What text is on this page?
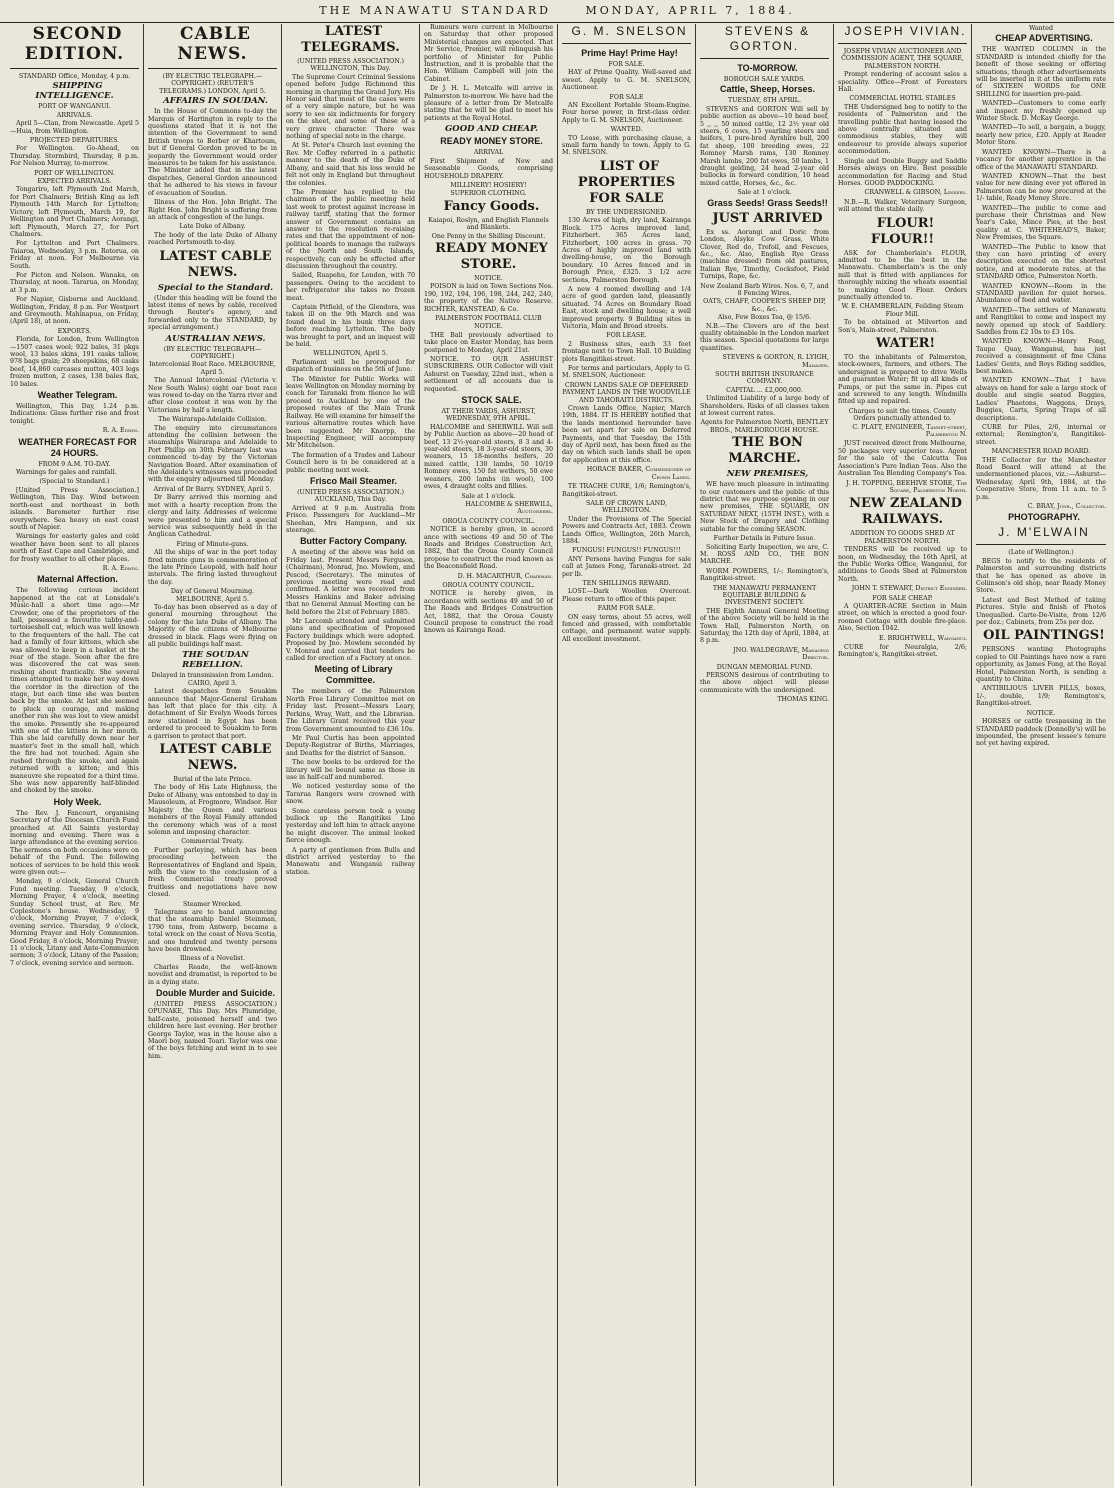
THE MANAWATU STANDARD	MONDAY, APRIL 7, 1884.

SECOND EDITION.

STANDARD Office, Monday, 4 p.m.

SHIPPING INTELLIGENCE.

PORT OF WANGANUI.

ARRIVALS.

April 5—Clan, from Newcastle. April 5—Huia, from Wellington.

PROJECTED DEPARTURES.

For Wellington. Go-Ahead, on Thursday. Stormbird, Thursday, 8 p.m. For Nelson Murray, to-morrow.

PORT OF WELLINGTON.

EXPECTED ARRIVALS.

Tongariro, left Plymouth 2nd March, for Port Chalmers; British King as left Plymouth 14th March for Lyttelton; Victory, left Plymouth, March 19, for Wellington and Port Chalmers; Aorangi, left Plymouth, March 27, for Port Chalmers.

For Lyttelton and Port Chalmers. Taiaroa, Wednesday, 3 p.m. Rotorua, on Friday at noon. For Melbourne via South.

For Picton and Nelson. Wanaka, on Thursday, at noon. Tararua, on Monday, at 3 p.m.

For Napier, Gisborne and Auckland. Wellington, Friday, 8 p.m. For Westport and Greymouth. Mahinapua, on Friday, (April 18), at noon.

EXPORTS.

Florida, for London, from Wellington —1507 cases wool; 922 bales, 31 pkgs wool, 13 bales skins, 191 casks tallow, 978 bags grain; 29 sheepskins, 68 casks beef, 14,860 carcases mutton, 403 legs frozen mutton, 2 cases, 138 bales flax, 10 bales.

Weather Telegram.

Wellington, This Day, 1.24 p.m. Indications: Glass further rise and frost tonight.

R. A. Edwin.

WEATHER FORECAST FOR 24 HOURS.

FROM 9 A.M. TO-DAY.

Warnings for gales and rainfall.

(Special to Standard.)

[United Press Association.] Wellington, This Day. Wind between north-east and northeast in both islands. Barometer further rise everywhere. Sea heavy on east coast south of Napier.

Warnings for easterly gales and cold weather have been sent to all places north of East Cape and Cambridge, and for frosty weather to all other places.

R. A. Edwin.

Maternal Affection.

The following curious incident happened at the cat at Lonsdale's Music-hall a short time ago:—Mr Crowder, one of the proprietors of the hall, possessed a favourite tabby-and-tortoiseshell cat, which was well known to the frequenters of the hall. The cat had a family of four kittens, which she was allowed to keep in a basket at the rear of the stage. Soon after the fire was discovered the cat was seen rushing about frantically. She several times attempted to make her way down the corridor in the direction of the stage, but each time she was beaten back by the smoke. At last she seemed to pluck up courage, and making another run she was lost to view amidst the smoke. Presently she re-appeared with one of the kittens in her mouth. This she laid carefully down near her master's feet in the small hall, which the fire had not touched. Again she rushed through the smoke, and again returned with a kitten; and this maneuvre she repeated for a third time. She was now apparently half-blinded and choked by the smoke.

Holy Week.

The Rev. J. Fancourt, organising Secretary of the Diocesan Church Fund preached at All Saints yesterday morning and evening. There was a large attendance at the evening service. The sermons on both occasions were on behalf of the Fund. The following notices of services to be held this week were given out:—

Monday, 9 o'clock, General Church Fund meeting. Tuesday, 9 o'clock, Morning Prayer, 4 o'clock, meeting Sunday School trust, at Rev. Mr Coplestone's house. Wednesday, 9 o'clock, Morning Prayer, 7 o'clock, evening service. Thursday, 9 o'clock, Morning Prayer and Holy Communion. Good Friday, 8 o'clock, Morning Prayer; 11 o'clock, Litany and Ante-Communion sermon; 3 o'clock, Litany of the Passion; 7 o'clock, evening service and sermon.

CABLE NEWS.

(BY ELECTRIC TELEGRAPH.—COPYRIGHT.) (REUTER'S TELEGRAMS.) LONDON, April 5.

AFFAIRS IN SOUDAN.

In the House of Commons to-day the Marquis of Hartington in reply to the questions stated that it is not the intention of the Government to send British troops to Berber or Khartoum, but if General Gordon proved to be in jeopardy the Government would order measures to be taken for his assistance. The Minister added that in the latest dispatches, General Gordon announced that he adhered to his views in favour of evacuation of Soudan.

Illness of the Hon. John Bright. The Right Hon. John Bright is suffering from an attack of congestion of the lungs.

Late Duke of Albany.

The body of the late Duke of Albany reached Portsmouth to-day.

LATEST CABLE NEWS.

Special to the Standard.

(Under this heading will be found the latest items of news by cable, received through Reuter's agency, and forwarded only to the STANDARD, by special arrangement.)

AUSTRALIAN NEWS.

(BY ELECTRIC TELEGRAPH—COPYRIGHT.)

Intercolonial Boat Race. MELBOURNE, April 5.

The Annual Intercolonial (Victoria v. New South Wales) eight oar boat race was rowed to-day on the Yarra river and after close contest it was won by the Victorians by half a length.

The Wairarapa-Adelaide Collision.

The enquiry into circumstances attending the collision between the steamships Wairarapa and Adelaide to Port Phillip on 30th February last was commenced to-day by the Victorian Navigation Board. After examination of the Adelaide's witnesses was proceeded with the enquiry adjourned till Monday.

Arrival of Dr Barry. SYDNEY, April 5.

Dr Barry arrived this morning and met with a hearty reception from the clergy and laity. Addresses of welcome were presented to him and a special service was subsequently held in the Anglican Cathedral.

Firing of Minute-guns.

All the ships of war in the port today fired minute guns in commemoration of the late Prince Leopold, with half hour intervals. The firing lasted throughout the day.

Day of General Mourning. MELBOURNE, April 5.

To-day has been observed as a day of general mourning throughout the colony for the late Duke of Albany. The Majority of the citizens of Melbourne dressed in black. Flags were flying on all public buildings half mast.

THE SOUDAN REBELLION.

Delayed in transmission from London. CAIRO, April 3.

Latest despatches from Souakim announce that Major-General Graham has left that place for this city. A detachment of Sir Evelyn Woods forces now stationed in Egypt has been ordered to proceed to Souakim to form a garrison to protect that port.

LATEST CABLE NEWS.

Burial of the late Prince.

The body of His Late Highness, the Duke of Albany, was entombed to day in Mausoleum, at Frogmore, Windsor. Her Majesty the Queen and various members of the Royal Family attended the ceremony which was of a most solemn and imposing character.

Commercial Treaty.

Further parleying, which has been proceeding between the Representatives of England and Spain, with the view to the conclusion of a fresh Commercial treaty proved fruitless and negotiations have now closed.

Steamer Wrecked.

Telegrams are to hand announcing that the steamship Daniel Steinman, 1790 tons, from Antwerp, became a total wreck on the coast of Nova Scotia, and one hundred and twenty persons have been drowned.

Illness of a Novelist.

Charles Reade, the well-known novelist and dramatist, is reported to be in a dying state.

Double Murder and Suicide.

(UNITED PRESS ASSOCIATION.) OPUNAKE, This Day. Mrs Plumridge, half-caste, poisoned herself and two children here last evening. Her brother George Taylor, was in the house also a Maori boy, named Toari. Taylor was one of the boys fetching and went in to see him.

LATEST TELEGRAMS.

(UNITED PRESS ASSOCIATION.) WELLINGTON, This Day.

The Supreme Court Criminal Sessions opened before Judge Richmond this morning in charging the Grand Jury. His Honor said that most of the cases were of a very simple nature, but he was sorry to see six indictments for forgery on the sheet, and some of these of a very grave character. There was nothing of special note in the charge.

At St. Peter's Church last evening the Rev. Mr Coffey referred in a pathetic manner to the death of the Duke of Albany, and said that his loss would be felt not only in England but throughout the colonies.

The Premier has replied to the chairman of the public meeting held last week to protest against increase in railway tariff, stating that the former answer of Government contains an answer to the resolution re-raising rates and that the appointment of non-political boards to manage the railways of the North and South Islands, respectively, can only be effected after discussion throughout the country.

Sailed, Ruapehu, for London, with 70 passengers. Owing to the accident to her refrigerator she takes no frozen meat.

Captain Pitfield, of the Glendora, was taken ill on the 9th March and was found dead in his bunk three days before reaching Lyttelton. The body was brought to port, and an inquest will be held.

WELLINGTON, April 5.

Parliament will be prorogued for dispatch of business on the 5th of June.

The Minister for Public Works will leave Wellington on Monday morning by coach for Taranaki from thence he will proceed to Auckland by one of the proposed routes of the Main Trunk Railway. He will examine for himself the various alternative routes which have been suggested. Mr Knorpp, the Inspecting Engineer, will accompany Mr Mitchelson.

The formation of a Trades and Labour Council here is to be considered at a public meeting next week.

Frisco Mail Steamer.

(UNITED PRESS ASSOCIATION.) AUCKLAND, This Day.

Arrived at 9 p.m. Australia from Frisco. Passengers for Auckland—Mr Sheehan, Mrs Hampson, and six steerage.

Butter Factory Company.

A meeting of the above was held on Friday last. Present Messrs Ferguson, (Chairman), Monrad, Jno. Mowlem, and Pescod, (Secretary). The minutes of previous meeting were read and confirmed. A letter was received from Messrs Hankins and Baker advising that no General Annual Meeting can be held before the 21st of February 1885.

Mr Larcomb attended and submitted plans and specification of Proposed Factory buildings which were adopted. Proposed by Jno. Mowlem seconded by V. Monrad and carried that tenders be called for erection of a Factory at once.

Meeting of Library Committee.

The members of the Palmerston North Free Library Committee met on Friday last. Present—Messrs Leary, Perkins, Wray, Watt, and the Librarian. The Library Grant received this year from Government amounted to £36 10s.

Mr Paul Curtis has been appointed Deputy-Registrar of Births, Marriages, and Deaths for the district of Sanson.

The new books to be ordered for the library will be bound same as those in use in half-calf and numbered.

We noticed yesterday some of the Tararua Rangers were crowned with snow.

Some careless person took a young bullock up the Rangitikei Line yesterday and left him to attack anyone he might discover. The animal looked fierce enough.

A party of gentlemen from Bulls and district arrived yesterday to the Manawatu and Wanganui railway station.

Rumours were current in Melbourne on Saturday that other proposed Ministerial changes are expected. That Mr Service, Premier, will relinquish his portfolio of Minister for Public Instruction, and it is probable that the Hon. William Campbell will join the Cabinet.

Dr J. H. L. Metcalfe will arrive in Palmerston to-morrow. We have had the pleasure of a letter from Dr Metcalfe stating that he will be glad to meet his patients at the Royal Hotel.

GOOD AND CHEAP.

READY MONEY STORE.

ARRIVAL

First Shipment of New and Seasonable Goods, comprising HOUSEHOLD DRAPERY.

MILLINERY! HOSIERY!

SUPERIOR CLOTHING.

Fancy Goods.

Kaiapoi, Roslyn, and English Flannels and Blankets.

One Penny in the Shilling Discount.

READY MONEY STORE.

NOTICE.

POISON is laid on Town Sections Nos. 190, 192, 194, 196, 198, 244, 242, 240, the property of the Native Reserve. RICHTER, KANSTEAD, & Co.

PALMERSTON FOOTBALL CLUB

NOTICE.

THE Ball previously advertised to take place on Easter Monday, has been postponed to Monday, April 21st.

NOTICE. TO OUR ASHURST SUBSCRIBERS. OUR Collector will visit Ashurst on Tuesday, 22nd inst., when a settlement of all accounts due is requested.

STOCK SALE.

AT THEIR YARDS, ASHURST, WEDNESDAY, 9TH APRIL.

HALCOMBE and SHERWILL Will sell by Public Auction as above—20 head of beef, 13 2½-year-old steers, 8 3 and 4-year-old steers, 18 3-year-old steers, 30 weaners, 15 18-months heifers, 20 mixed cattle, 130 lambs, 50 10/19 Romney ewes, 150 fat wethers, 50 ewe weaners, 200 lambs (in wool), 100 ewes, 4 draught colts and fillies.

Sale at 1 o'clock.

HALCOMBE & SHERWILL, Auctioneers.

OROUA COUNTY COUNCIL.

NOTICE is hereby given, in accord ance with sections 49 and 50 of The Roads and Bridges Construction Act, 1882, that the Oroua County Council propose to construct the road known as the Beaconsfield Road.

D. H. MACARTHUR, Chairman.

OROUA COUNTY COUNCIL.

NOTICE is hereby given, in accordance with sections 49 and 50 of The Roads and Bridges Construction Act, 1882, that the Oroua County Council propose to construct the road known as Kairanga Road.

G. M. SNELSON

Prime Hay! Prime Hay!

FOR SALE.

HAY of Prime Quality. Well-saved and sweet. Apply to G. M. SNELSON, Auctioneer.

FOR SALE

AN Excellent Portable Steam-Engine. Four horse power, in first-class order. Apply to G. M. SNELSON, Auctioneer.

WANTED.

TO Lease, with purchasing clause, a small farm handy to town. Apply to G. M. SNELSON.

LIST OF PROPERTIES FOR SALE

BY THE UNDERSIGNED.

130 Acres of high, dry land, Kairanga Block. 175 Acres improved land, Fitzherbert. 365 Acres land, Fitzherbert, 100 acres in grass. 70 Acres of highly improved land with dwelling-house, on the Borough boundary. 10 Acres fenced and in Borough Price, £325. 3 1/2 acre sections, Palmerston Borough.

A new 4 roomed dwelling and 1/4 acre of good garden land, pleasantly situated. 74 Acres on Boundary Road East, stock and dwelling house; a well improved property. 9 Building sites in Victoria, Main and Broad streets.

FOR LEASE.

2 Business sites, each 33 feet frontage next to Town Hall. 10 Building plots Rangitikei-street.

For terms and particulars, Apply to G. M. SNELSON, Auctioneer.

CROWN LANDS SALE OF DEFERRED PAYMENT LANDS IN THE WOODVILLE AND TAHORAITI DISTRICTS.

Crown Lands Office, Napier, March 19th, 1884. IT IS HEREBY notified that the lands mentioned hereunder have been set apart for sale on Deferred Payments, and that Tuesday, the 15th day of April next, has been fixed as the day on which such lands shall be open for application at this office.

HORACE BAKER, Commissioner of Crown Lands.

TE TRACHE CURE, 1/6; Remington's, Rangitikei-street.

SALE OF CROWN LAND, WELLINGTON.

Under the Provisions of The Special Powers and Contracts Act, 1883. Crown Lands Office, Wellington, 26th March, 1884.

FUNGUS! FUNGUS!! FUNGUS!!!

ANY Persons having Fungus for sale call at James Fong, Taranaki-street. 2d per lb.

TEN SHILLINGS REWARD.

LOST.—Dark Woollen Overcoat. Please return to office of this paper.

FARM FOR SALE.

ON easy terms, about 55 acres, well fenced and grassed, with comfortable cottage, and permanent water supply. All excellent investment.

STEVENS & GORTON.

TO-MORROW.

BOROUGH SALE YARDS.

Cattle, Sheep, Horses.

TUESDAY, 8TH APRIL.

STEVENS and GORTON Will sell by public auction as above—10 head beef, 5 ,, ,, 50 mixed cattle, 12 2½ year old steers, 6 cows, 15 yearling steers and heifers, 1 pure-bred Ayrshire bull, 200 fat sheep, 100 breeding ewes, 22 Romney Marsh rams, 130 Romney Marsh lambs, 200 fat ewes, 50 lambs, 1 draught gelding, 24 head 2-year old bullocks in forward condition, 10 head mixed cattle, Horses, &c., &c.

Sale at 1 o'clock.

Grass Seeds! Grass Seeds!!

JUST ARRIVED

Ex ss. Aorangi and Doric from London, Alsyke Cow Grass, White Clover, Red do, Trefoil, and Fescues, &c., &c. Also, English Rye Grass (machine dressed) from old pastures, Italian Rye, Timothy, Cocksfoot, Field Turnips, Rape, &c.

New Zealand Barb Wires. Nos. 6, 7, and 8 Fencing Wires.

OATS, CHAFF, COOPER'S SHEEP DIP, &c., &c.

Also, Few Boxes Tea, @ 15/6.

N.B.—The Clovers are of the best quality obtainable in the London market this season. Special quotations for large quantities.

STEVENS & GORTON, R. LYIGH, Manager.

SOUTH BRITISH INSURANCE COMPANY.

CAPITAL ... £2,000,000.

Unlimited Liability of a large body of Shareholders. Risks of all classes taken at lowest current rates.

Agents for Palmerston North, BENTLEY BROS., MARLBOROUGH HOUSE.

THE BON MARCHE.

NEW PREMISES,

WE have much pleasure in intimating to our customers and the public of this district that we purpose opening in our new premises, THE SQUARE, ON SATURDAY NEXT, (15TH INST.), with a New Stock of Drapery and Clothing suitable for the coming SEASON.

Further Details in Future Issue.

Soliciting Early Inspection, we are, C. M. ROSS AND CO., THE BON MARCHE.

WORM POWDERS, 1/-; Remington's, Rangitikei-street.

THE MANAWATU PERMANENT EQUITABLE BUILDING & INVESTMENT SOCIETY.

THE Eighth Annual General Meeting of the above Society will be held in the Town Hall, Palmerston North, on Saturday, the 12th day of April, 1884, at 8 p.m.

JNO. WALDEGRAVE, Managing Director.

DUNGAN MEMORIAL FUND.

PERSONS desirous of contributing to the above object will please communicate with the undersigned.

THOMAS KING.

JOSEPH VIVIAN.

JOSEPH VIVIAN AUCTIONEER AND COMMISSION AGENT, THE SQUARE, PALMERSTON NORTH.

Prompt rendering of account sales a speciality. Office—Front of Foresters Hall.

COMMERCIAL HOTEL STABLES

THE Undersigned beg to notify to the residents of Palmerston and the travelling public that having leased the above centrally situated and commodious stables, they will endeavour to provide always superior accommodation.

Single and Double Buggy and Saddle Horses always on Hire. Best possible accommodation for Racing and Stud Horses. GOOD PADDOCKING.

CRANWELL & GIBSON, Lessees.

N.B.—R. Walker, Veterinary Surgeon, will attend the stable daily.

FLOUR! FLOUR!!

ASK for Chamberlain's FLOUR, admitted to be the best in the Manawatu. Chamberlain's is the only mill that is fitted with appliances for thoroughly mixing the wheats essential to making Good Flour. Orders punctually attended to.

W. E. CHAMBERLAIN, Feilding Steam Flour Mill.

To be obtained at Milverton and Son's, Main-street, Palmerston.

WATER!

TO the inhabitants of Palmerston, stock-owners, farmers, and others. The undersigned is prepared to drive Wells and guarantee Water; fit up all kinds of Pumps, or put the same in. Pipes cut and screwed to any length. Windmills fitted up and repaired.

Charges to suit the times. County Orders punctually attended to.

C. PLATT, ENGINEER, Tannet-street, Palmerston N.

JUST received direct from Melbourne, 50 packages very superior teas. Agent for the sale of the Calcutta Tea Association's Pure Indian Teas. Also the Australian Tea Blending Company's Tea.

J. H. TOPPING, BEEHIVE STORE, The Square, Palmerston North.

NEW ZEALAND RAILWAYS.

ADDITION TO GOODS SHED AT PALMERSTON NORTH.

TENDERS will be received up to noon, on Wednesday, the 16th April, at the Public Works Office, Wanganui, for additions to Goods Shed at Palmerston North.

JOHN T. STEWART, District Engineer.

FOR SALE CHEAP.

A QUARTER-ACRE Section in Main street, on which is erected a good four-roomed Cottage with double fire-place. Also, Section 1042.

E. BRIGHTWELL, Wanganui.

CURE for Neuralgia, 2/6; Remington's, Rangitikei-street.

Wanted

CHEAP ADVERTISING.

THE WANTED COLUMN in the STANDARD is intended chiefly for the benefit of those seeking or offering situations, though other advertisements will be inserted in it at the uniform rate of SIXTEEN WORDS for ONE SHILLING for insertion pre-paid.

WANTED—Customers to come early and inspect my freshly opened up Winter Stock. D. McKay George.

WANTED—To sell, a bargain, a buggy, nearly new price, £20. Apply at Reader Motor Store.

WANTED KNOWN—There is a vacancy for another apprentice in the office of the MANAWATU STANDARD.

WANTED KNOWN—That the best value for new dining ever yet offered in Palmerston can be now procured at the 1/- table, Ready Money Store.

WANTED—The public to come and purchase their Christmas and New Year's Cake, Mince Pies, at the best quality at C. WHITEHEAD'S, Baker, New Premises, the Square.

WANTED—The Public to know that they can have printing of every description executed on the shortest notice, and at moderate rates, at the STANDARD Office, Palmerston North.

WANTED KNOWN—Room in the STANDARD pavilion for quiet horses. Abundance of feed and water.

WANTED—The settlers of Manawatu and Rangitikei to come and inspect my newly opened up stock of Saddlery. Saddles from £2 10s to £3 10s.

WANTED KNOWN—Henry Fong, Taupo Quay, Wanganui, has just received a consignment of fine China Ladies' Gents, and Boys Riding saddles, best makes.

WANTED KNOWN—That I have always on hand for sale a large stock of double and single seated Buggies, Ladies' Phaetons, Waggons, Drays, Buggies, Carts, Spring Traps of all descriptions.

CURE for Piles, 2/6, internal or external; Remington's, Rangitikei-street.

MANCHESTER ROAD BOARD.

THE Collector for the Manchester Road Board will attend at the undermentioned places, viz.:—Ashurst—Wednesday, April 9th, 1884, at the Cooperative Store, from 11 a.m. to 5 p.m.

C. BRAY, Junr., Collector.

PHOTOGRAPHY.

J. M'ELWAIN

(Late of Wellington.)

BEGS to notify to the residents of Palmerston and surrounding districts that he has opened as above in Coliinson's old shop, near Ready Money Store.

Latest and Best Method of taking Pictures. Style and finish of Photos Unequalled. Carte-De-Visite, from 12/6 per doz.; Cabinets, from 25s per doz.

OIL PAINTINGS!

PERSONS wanting Photographs copied to Oil Paintings have now a rare opportunity, as James Fong, at the Royal Hotel, Palmerston North, is sending a quantity to China.

ANTIBILIOUS LIVER PILLS, boxes, 1/-, double, 1/9; Remington's, Rangitikei-street.

NOTICE.

HORSES or cattle trespassing in the STANDARD paddock (Donnelly's) will be impounded, the present lessee's tenure not yet having expired.
